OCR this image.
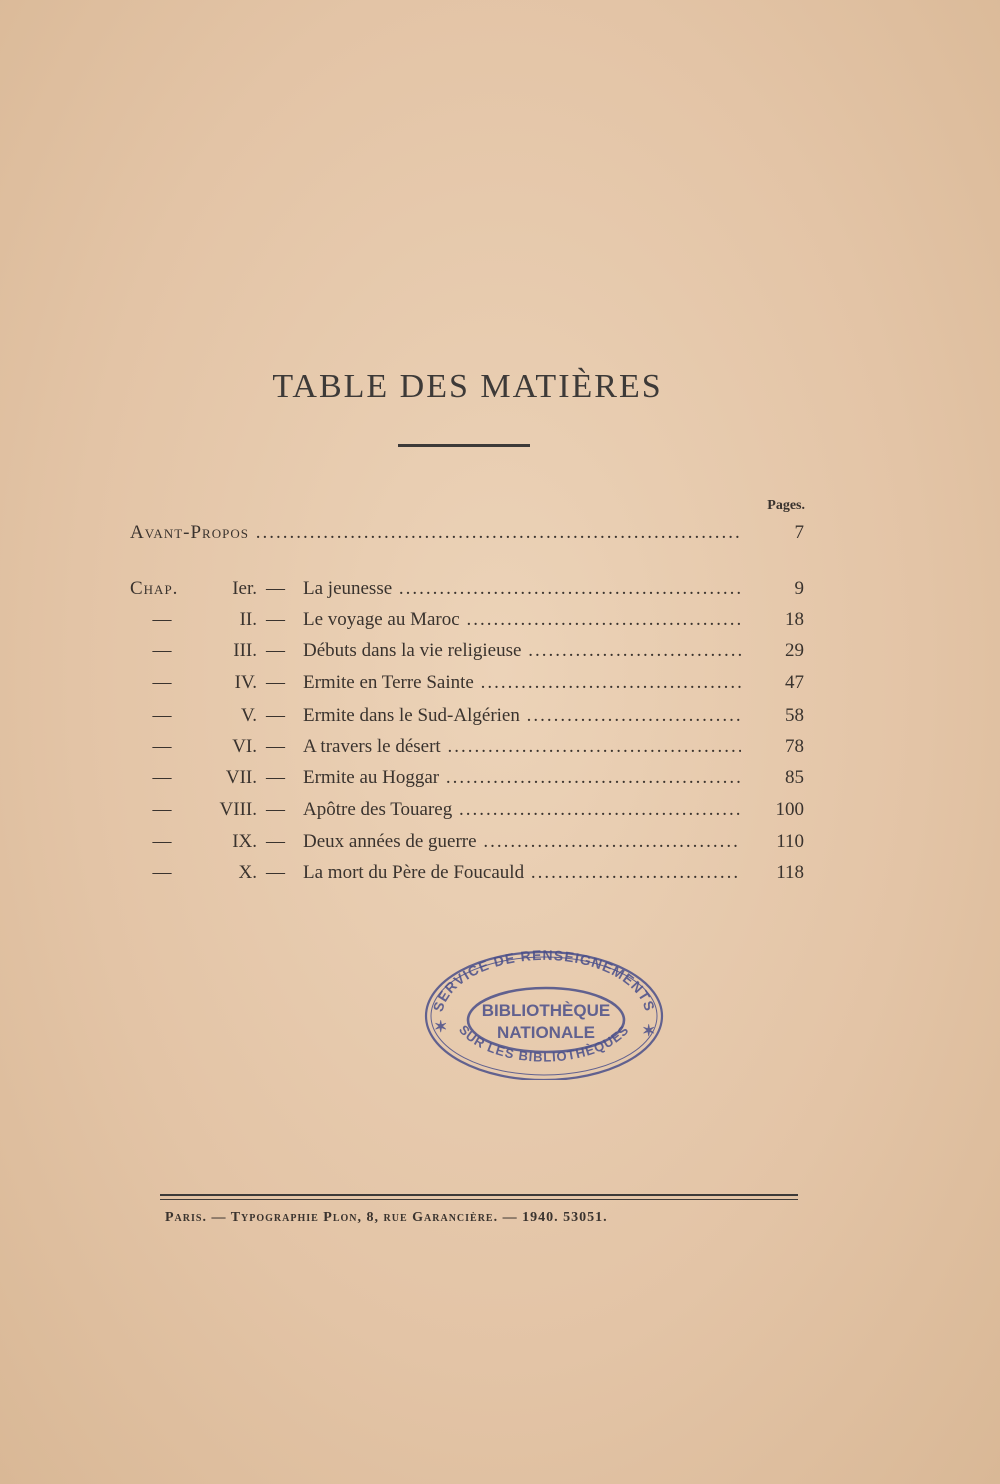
TABLE DES MATIÈRES
Pages.
Avant-Propos .....	7
Chap.	Ier. — La jeunesse .....	9
—	II. — Le voyage au Maroc .....	18
—	III. — Débuts dans la vie religieuse .....	29
—	IV. — Ermite en Terre Sainte .....	47
—	V. — Ermite dans le Sud-Algérien .....	58
—	VI. — A travers le désert .....	78
—	VII. — Ermite au Hoggar .....	85
—	VIII. — Apôtre des Touareg .....	100
—	IX. — Deux années de guerre .....	110
—	X. — La mort du Père de Foucauld .....	118
SERVICE DE RENSEIGNEMENTS
SUR LES BIBLIOTHÈQUES
BIBLIOTHÈQUE
NATIONALE
✶	✶
Paris. — Typographie Plon, 8, rue Garancière. — 1940. 53051.
